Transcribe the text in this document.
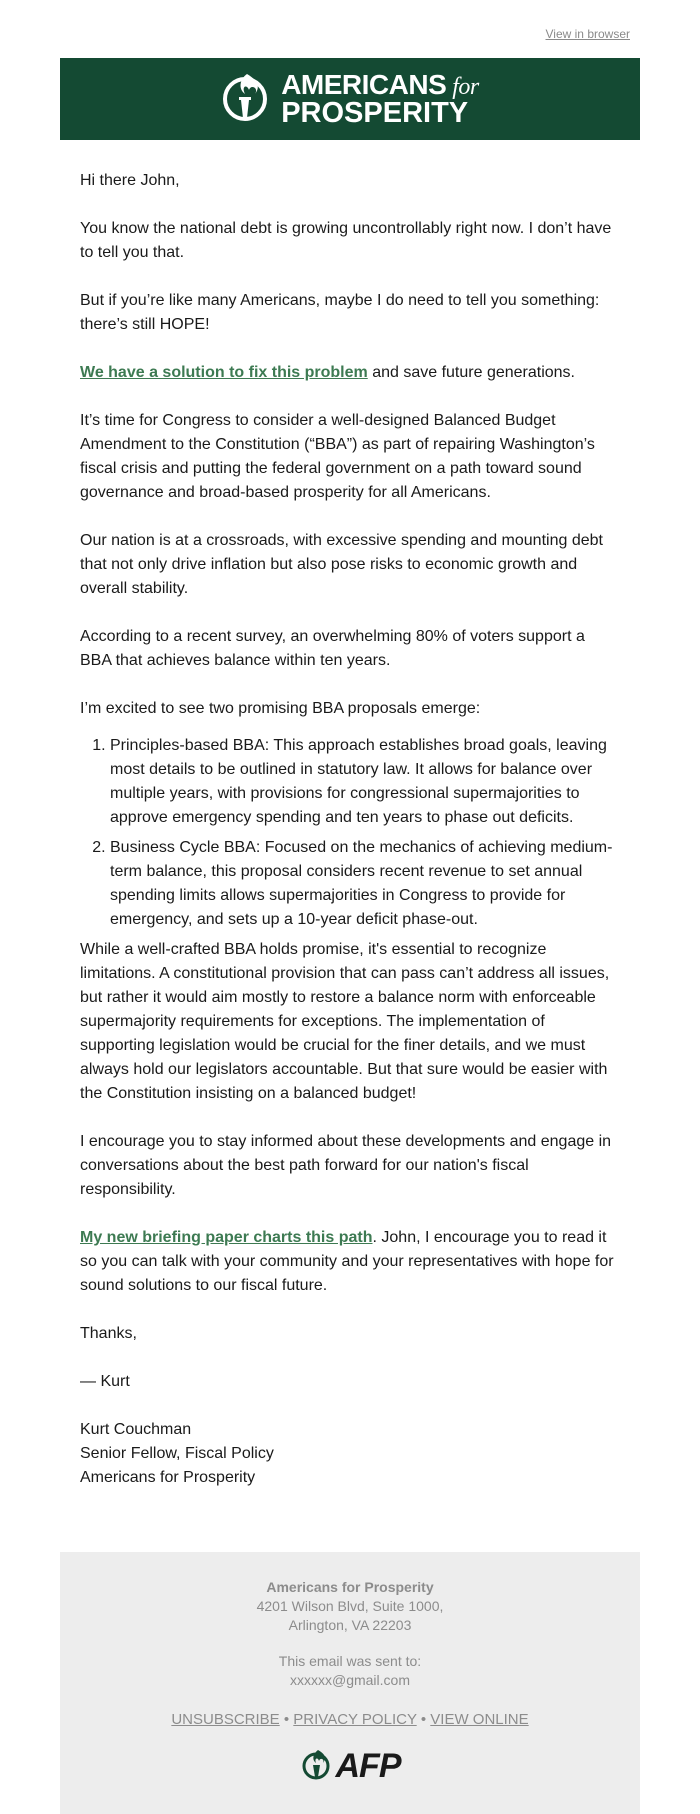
View in browser
AMERICANS for
PROSPERITY

Hi there John,

You know the national debt is growing uncontrollably right now. I don’t have to tell you that.

But if you’re like many Americans, maybe I do need to tell you something: there’s still HOPE!

We have a solution to fix this problem and save future generations.

It’s time for Congress to consider a well-designed Balanced Budget Amendment to the Constitution (“BBA”) as part of repairing Washington’s fiscal crisis and putting the federal government on a path toward sound governance and broad-based prosperity for all Americans.

Our nation is at a crossroads, with excessive spending and mounting debt that not only drive inflation but also pose risks to economic growth and overall stability.

According to a recent survey, an overwhelming 80% of voters support a BBA that achieves balance within ten years.

I’m excited to see two promising BBA proposals emerge:

1. Principles-based BBA: This approach establishes broad goals, leaving most details to be outlined in statutory law. It allows for balance over multiple years, with provisions for congressional supermajorities to approve emergency spending and ten years to phase out deficits.
2. Business Cycle BBA: Focused on the mechanics of achieving medium-term balance, this proposal considers recent revenue to set annual spending limits allows supermajorities in Congress to provide for emergency, and sets up a 10-year deficit phase-out.

While a well-crafted BBA holds promise, it's essential to recognize limitations. A constitutional provision that can pass can’t address all issues, but rather it would aim mostly to restore a balance norm with enforceable supermajority requirements for exceptions. The implementation of supporting legislation would be crucial for the finer details, and we must always hold our legislators accountable. But that sure would be easier with the Constitution insisting on a balanced budget!

I encourage you to stay informed about these developments and engage in conversations about the best path forward for our nation's fiscal responsibility.

My new briefing paper charts this path. John, I encourage you to read it so you can talk with your community and your representatives with hope for sound solutions to our fiscal future.

Thanks,

— Kurt

Kurt Couchman

Senior Fellow, Fiscal Policy

Americans for Prosperity

Americans for Prosperity
4201 Wilson Blvd, Suite 1000,
Arlington, VA 22203
This email was sent to:
xxxxxx@gmail.com
UNSUBSCRIBE • PRIVACY POLICY • VIEW ONLINE
AFP
